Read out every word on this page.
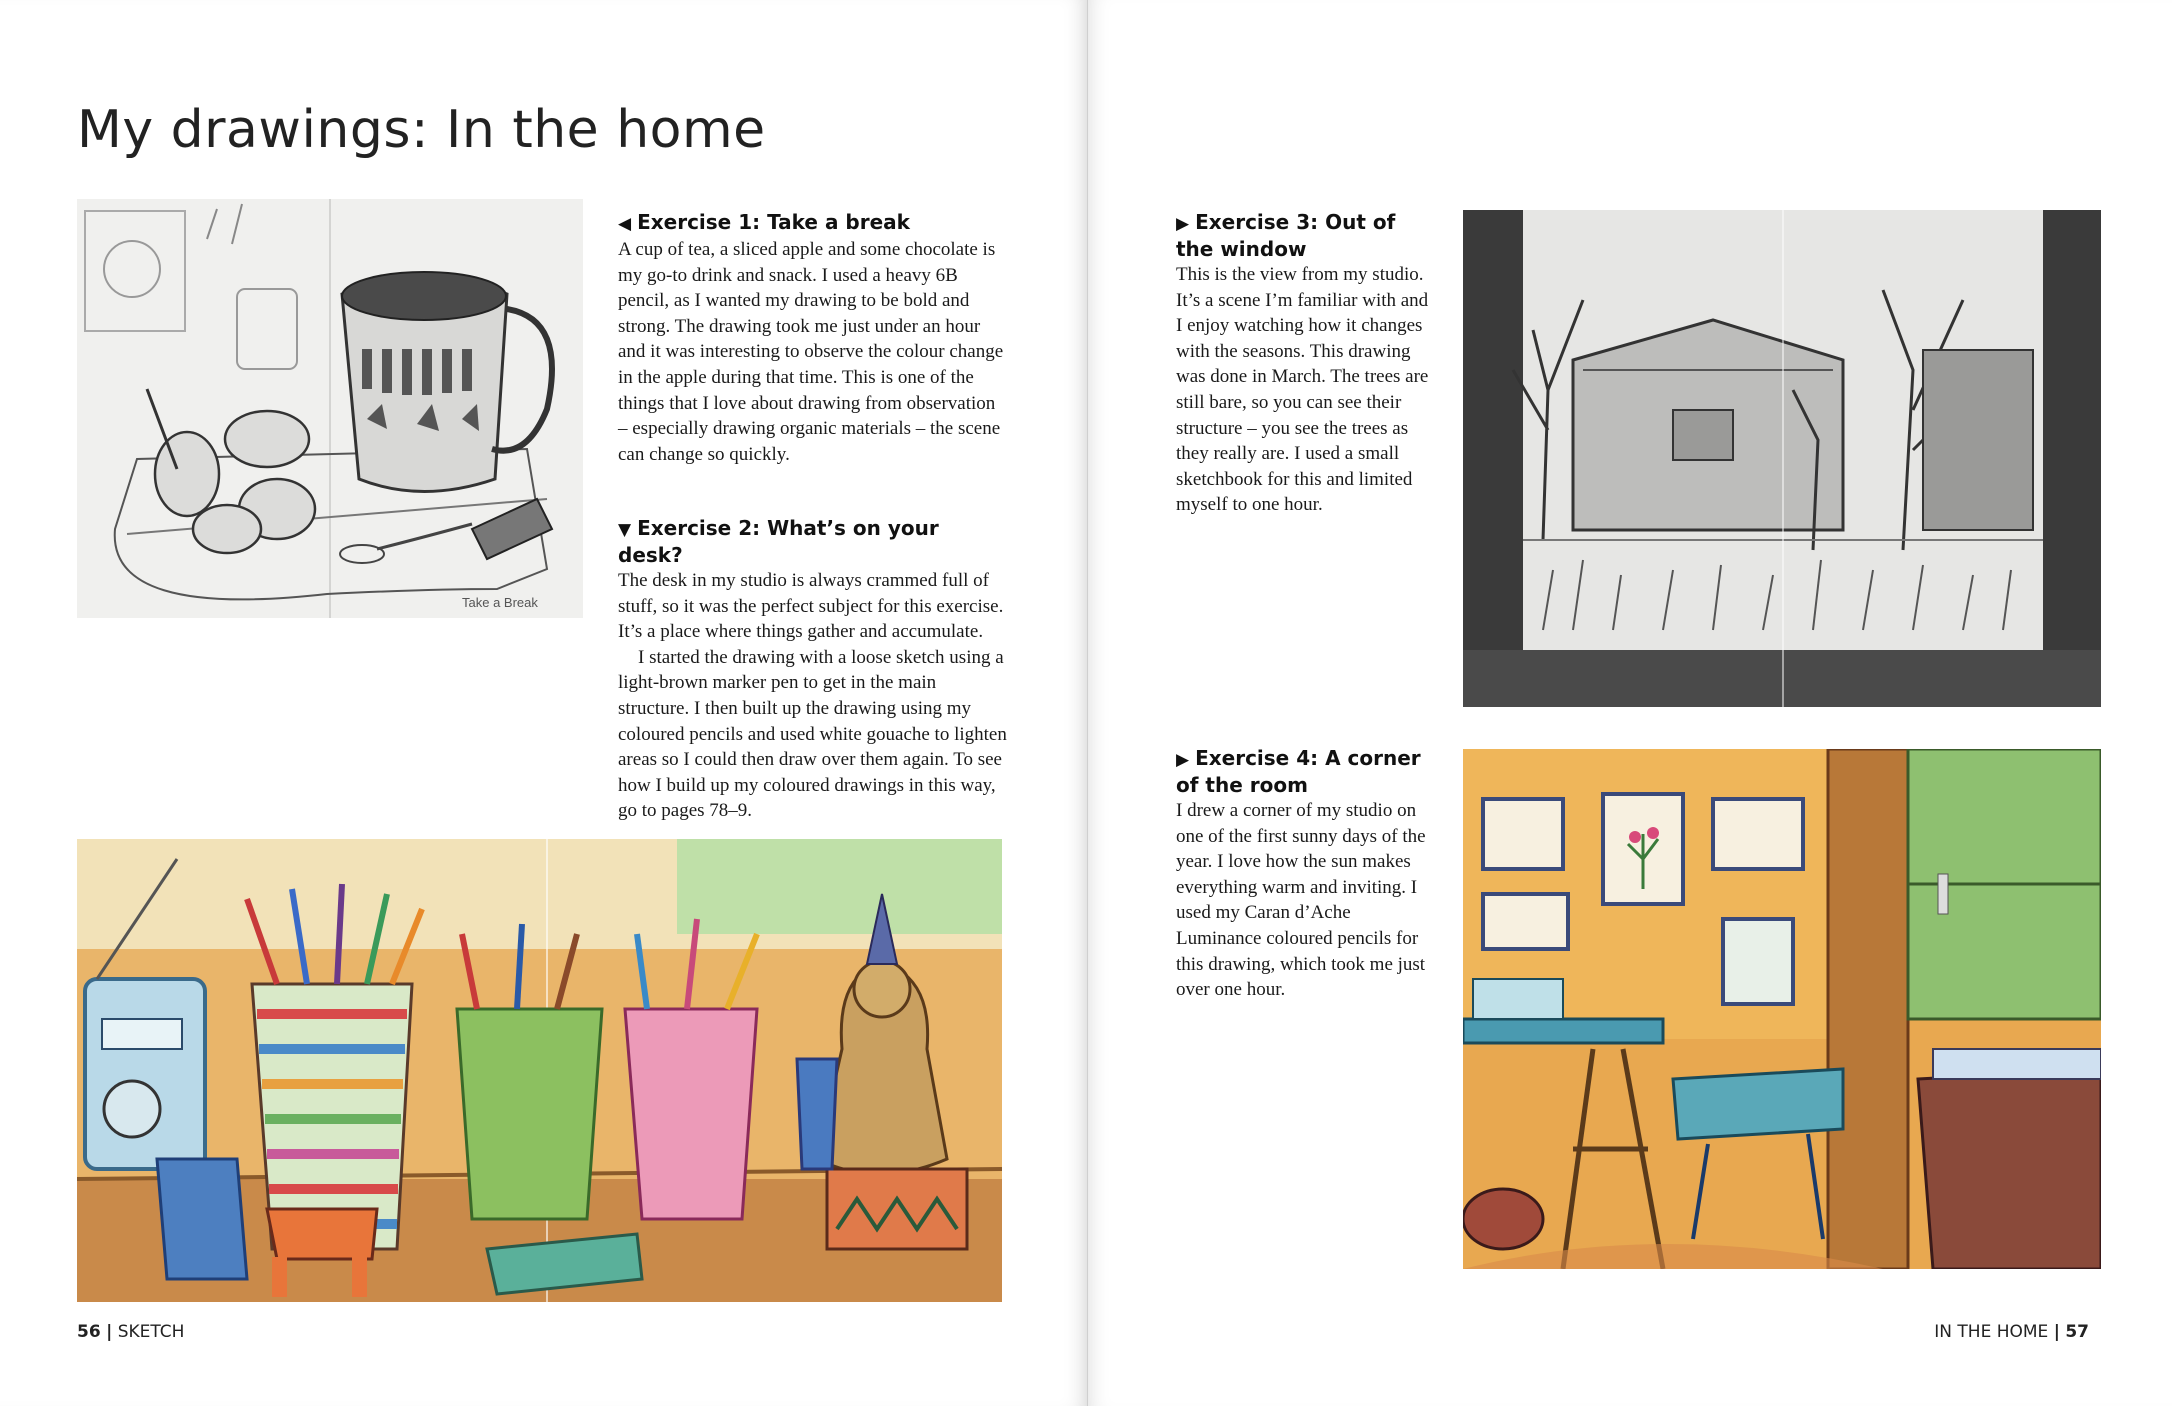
My drawings: In the home
Take a Break
◀ Exercise 1: Take a break

A cup of tea, a sliced apple and some chocolate is my go-to drink and snack. I used a heavy 6B pencil, as I wanted my drawing to be bold and strong. The drawing took me just under an hour and it was interesting to observe the colour change in the apple during that time. This is one of the things that I love about drawing from observation – especially drawing organic materials – the scene can change so quickly.

▼ Exercise 2: What’s on your desk?

The desk in my studio is always crammed full of stuff, so it was the perfect subject for this exercise. It’s a place where things gather and accumulate.

I started the drawing with a loose sketch using a light-brown marker pen to get in the main structure. I then built up the drawing using my coloured pencils and used white gouache to lighten areas so I could then draw over them again. To see how I build up my coloured drawings in this way, go to pages 78–9.

56 | SKETCH
▶ Exercise 3: Out of the window

This is the view from my studio. It’s a scene I’m familiar with and I enjoy watching how it changes with the seasons. This drawing was done in March. The trees are still bare, so you can see their structure – you see the trees as they really are. I used a small sketchbook for this and limited myself to one hour.

▶ Exercise 4: A corner of the room

I drew a corner of my studio on one of the first sunny days of the year. I love how the sun makes everything warm and inviting. I used my Caran d’Ache Luminance coloured pencils for this drawing, which took me just over one hour.

IN THE HOME | 57
